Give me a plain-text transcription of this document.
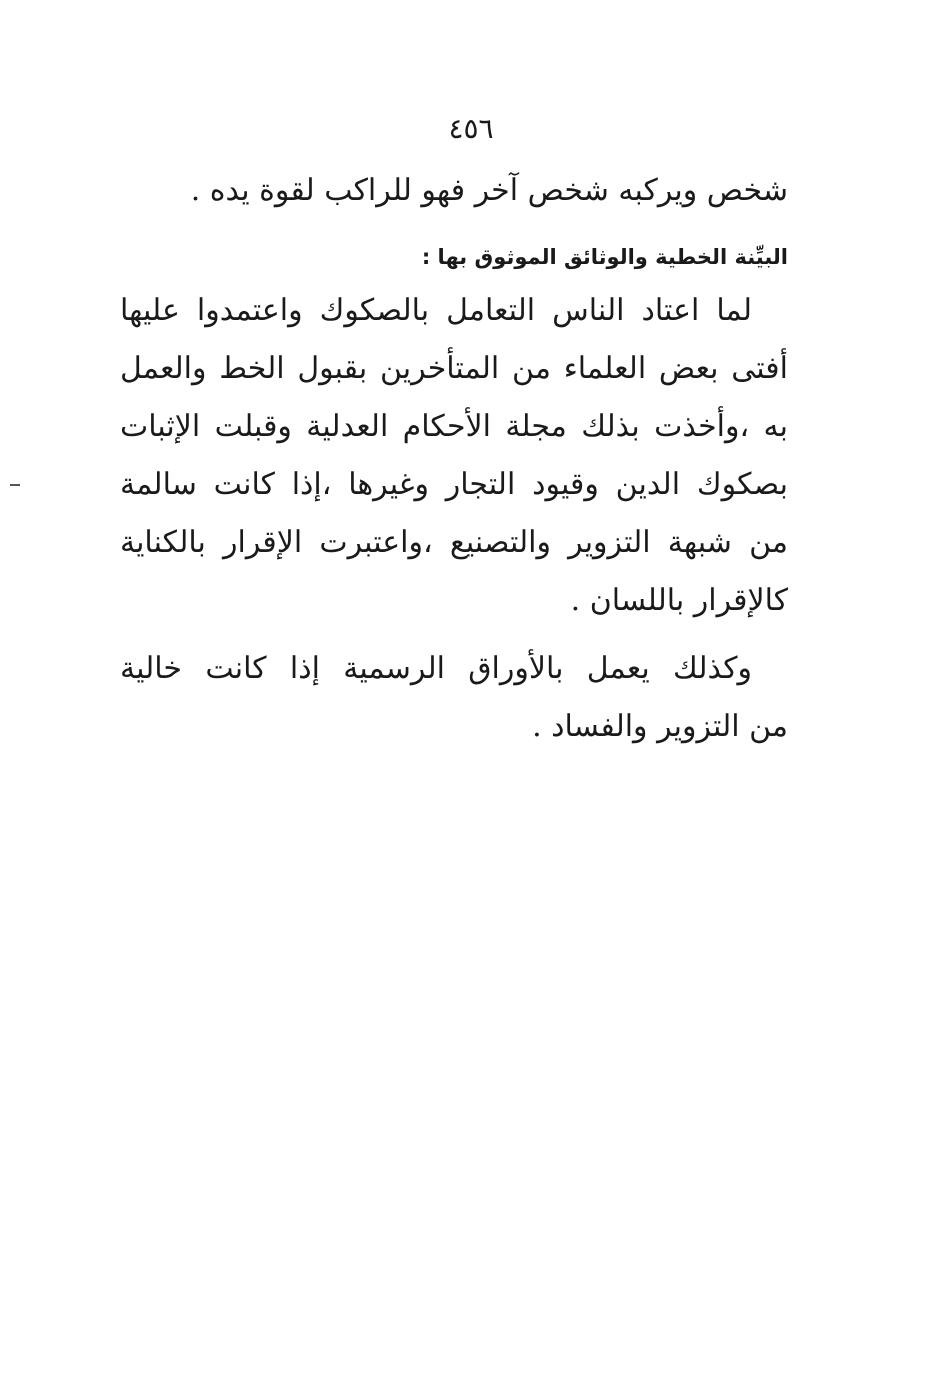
٤٥٦
شخص ويركبه شخص آخر فهو للراكب لقوة يده .
البيِّنة الخطية والوثائق الموثوق بها :
لما اعتاد الناس التعامل بالصكوك واعتمدوا عليها
أفتى بعض العلماء من المتأخرين بقبول الخط والعمل
به ،وأخذت بذلك مجلة الأحكام العدلية وقبلت الإثبات
بصكوك الدين وقيود التجار وغيرها ،إذا كانت سالمة
من شبهة التزوير والتصنيع ،واعتبرت الإقرار بالكناية
كالإقرار باللسان .
وكذلك يعمل بالأوراق الرسمية إذا كانت خالية
من التزوير والفساد .
